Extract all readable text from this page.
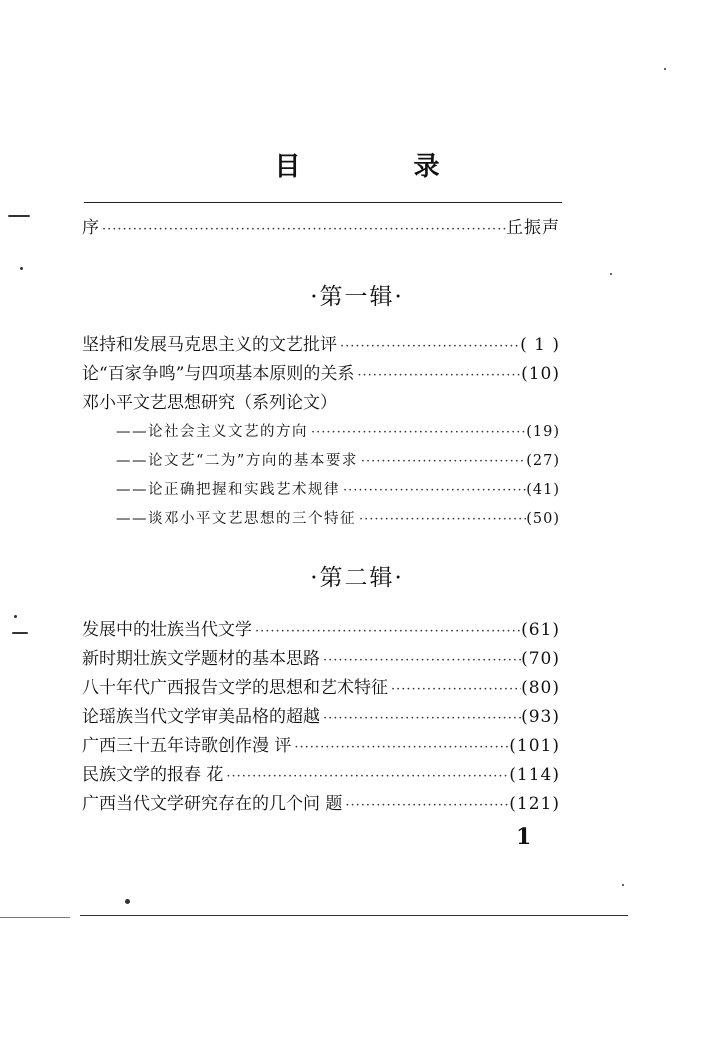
目 录
序 ·····	丘振声
·第一辑·
坚持和发展马克思主义的文艺批评 ·····	( 1 )
论“百家争鸣”与四项基本原则的关系 ·····	(10)
邓小平文艺思想研究（系列论文）
——论社会主义文艺的方向 ·····	(19)
——论文艺“二为”方向的基本要求 ·····	(27)
——论正确把握和实践艺术规律 ·····	(41)
——谈邓小平文艺思想的三个特征 ·····	(50)
·第二辑·
发展中的壮族当代文学 ·····	(61)
新时期壮族文学题材的基本思路 ·····	(70)
八十年代广西报告文学的思想和艺术特征 ·····	(80)
论瑶族当代文学审美品格的超越 ·····	(93)
广西三十五年诗歌创作漫 评 ·····	(101)
民族文学的报春 花 ·····	(114)
广西当代文学研究存在的几个问 题 ·····	(121)
1
